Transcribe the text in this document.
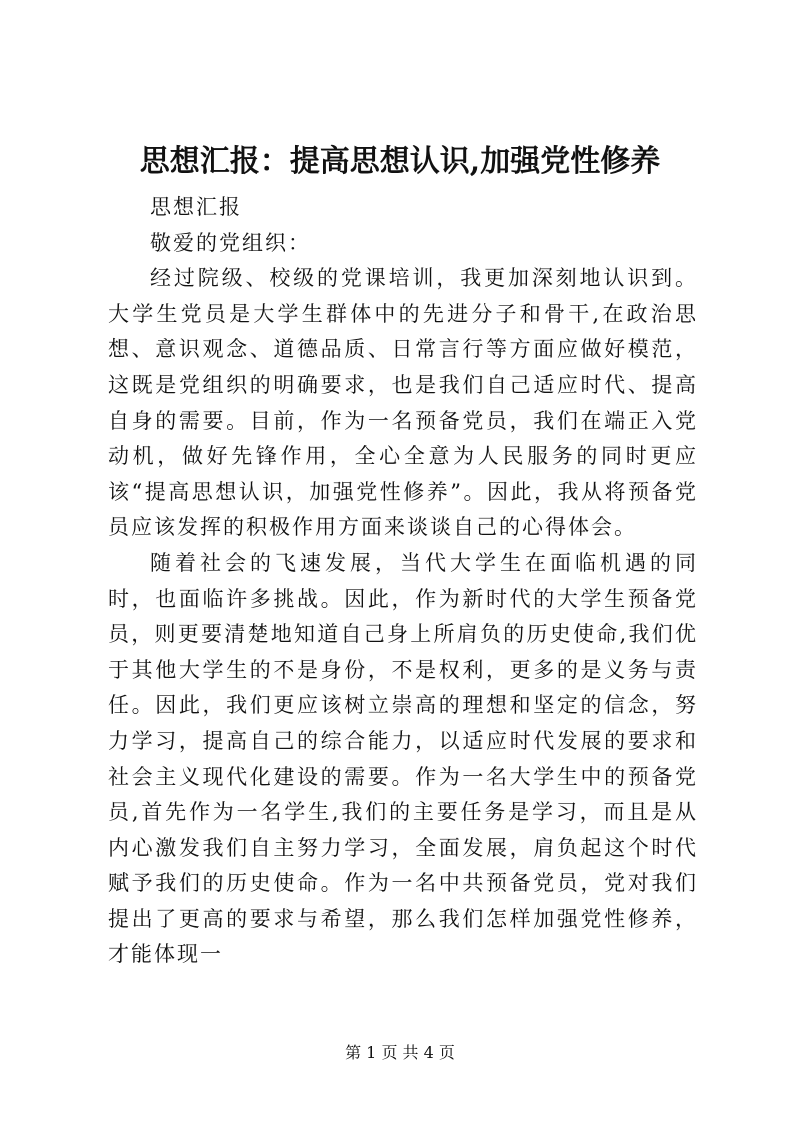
思想汇报：提高思想认识,加强党性修养

思想汇报

敬爱的党组织：

经过院级、校级的党课培训，我更加深刻地认识到。大学生党员是大学生群体中的先进分子和骨干,在政治思想、意识观念、道德品质、日常言行等方面应做好模范，这既是党组织的明确要求，也是我们自己适应时代、提高自身的需要。目前，作为一名预备党员，我们在端正入党动机，做好先锋作用，全心全意为人民服务的同时更应该“提高思想认识，加强党性修养”。因此，我从将预备党员应该发挥的积极作用方面来谈谈自己的心得体会。

随着社会的飞速发展，当代大学生在面临机遇的同时，也面临许多挑战。因此，作为新时代的大学生预备党员，则更要清楚地知道自己身上所肩负的历史使命,我们优于其他大学生的不是身份，不是权利，更多的是义务与责任。因此，我们更应该树立崇高的理想和坚定的信念，努力学习，提高自己的综合能力，以适应时代发展的要求和社会主义现代化建设的需要。作为一名大学生中的预备党员,首先作为一名学生,我们的主要任务是学习，而且是从内心激发我们自主努力学习，全面发展，肩负起这个时代赋予我们的历史使命。作为一名中共预备党员，党对我们提出了更高的要求与希望，那么我们怎样加强党性修养，才能体现一

第 1 页 共 4 页
